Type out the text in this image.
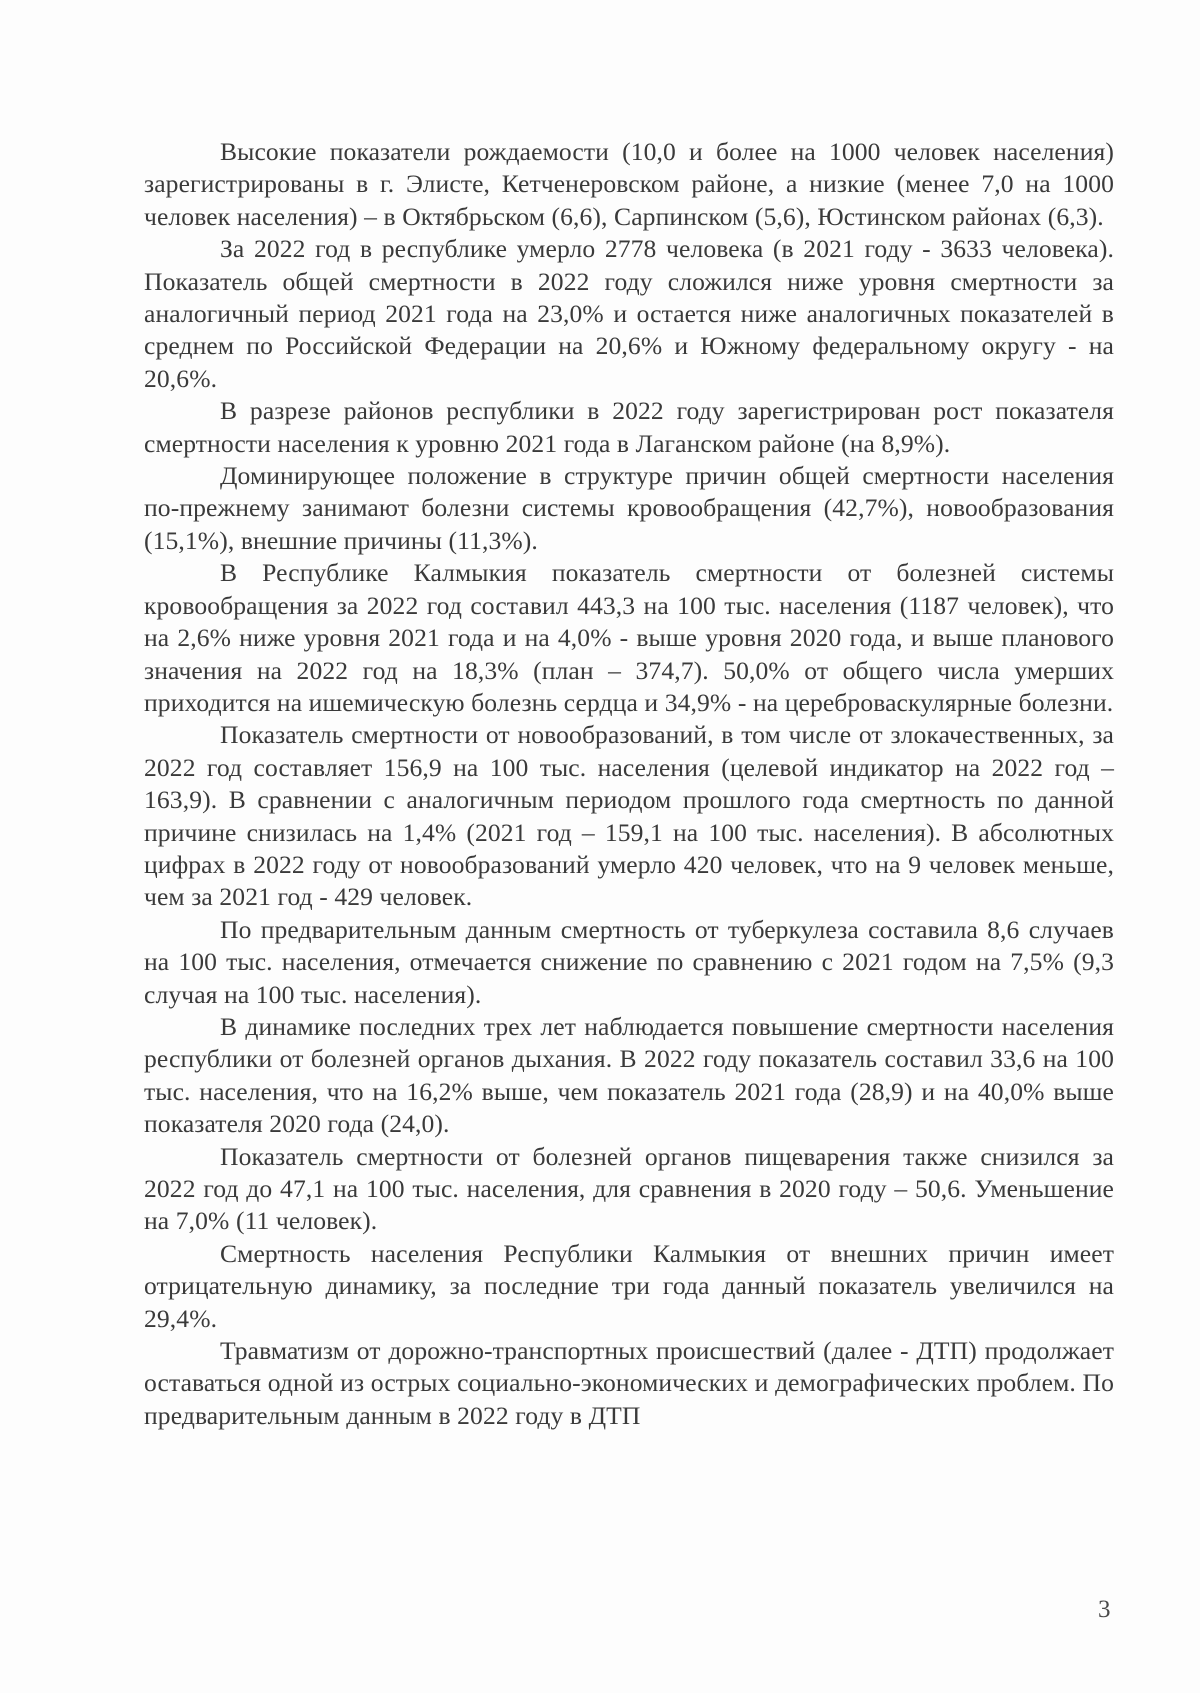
Высокие показатели рождаемости (10,0 и более на 1000 человек населения) зарегистрированы в г. Элисте, Кетченеровском районе, а низкие (менее 7,0 на 1000 человек населения) – в Октябрьском (6,6), Сарпинском (5,6), Юстинском районах (6,3).

За 2022 год в республике умерло 2778 человека (в 2021 году - 3633 человека). Показатель общей смертности в 2022 году сложился ниже уровня смертности за аналогичный период 2021 года на 23,0% и остается ниже аналогичных показателей в среднем по Российской Федерации на 20,6% и Южному федеральному округу - на 20,6%.

В разрезе районов республики в 2022 году зарегистрирован рост показателя смертности населения к уровню 2021 года в Лаганском районе (на 8,9%).

Доминирующее положение в структуре причин общей смертности населения по-прежнему занимают болезни системы кровообращения (42,7%), новообразования (15,1%), внешние причины (11,3%).

В Республике Калмыкия показатель смертности от болезней системы кровообращения за 2022 год составил 443,3 на 100 тыс. населения (1187 человек), что на 2,6% ниже уровня 2021 года и на 4,0% - выше уровня 2020 года, и выше планового значения на 2022 год на 18,3% (план – 374,7). 50,0% от общего числа умерших приходится на ишемическую болезнь сердца и 34,9% - на цереброваскулярные болезни.

Показатель смертности от новообразований, в том числе от злокачественных, за 2022 год составляет 156,9 на 100 тыс. населения (целевой индикатор на 2022 год – 163,9). В сравнении с аналогичным периодом прошлого года смертность по данной причине снизилась на 1,4% (2021 год – 159,1 на 100 тыс. населения). В абсолютных цифрах в 2022 году от новообразований умерло 420 человек, что на 9 человек меньше, чем за 2021 год - 429 человек.

По предварительным данным смертность от туберкулеза составила 8,6 случаев на 100 тыс. населения, отмечается снижение по сравнению с 2021 годом на 7,5% (9,3 случая на 100 тыс. населения).

В динамике последних трех лет наблюдается повышение смертности населения республики от болезней органов дыхания. В 2022 году показатель составил 33,6 на 100 тыс. населения, что на 16,2% выше, чем показатель 2021 года (28,9) и на 40,0% выше показателя 2020 года (24,0).

Показатель смертности от болезней органов пищеварения также снизился за 2022 год до 47,1 на 100 тыс. населения, для сравнения в 2020 году – 50,6. Уменьшение на 7,0% (11 человек).

Смертность населения Республики Калмыкия от внешних причин имеет отрицательную динамику, за последние три года данный показатель увеличился на 29,4%.

Травматизм от дорожно-транспортных происшествий (далее - ДТП) продолжает оставаться одной из острых социально-экономических и демографических проблем. По предварительным данным в 2022 году в ДТП

3
